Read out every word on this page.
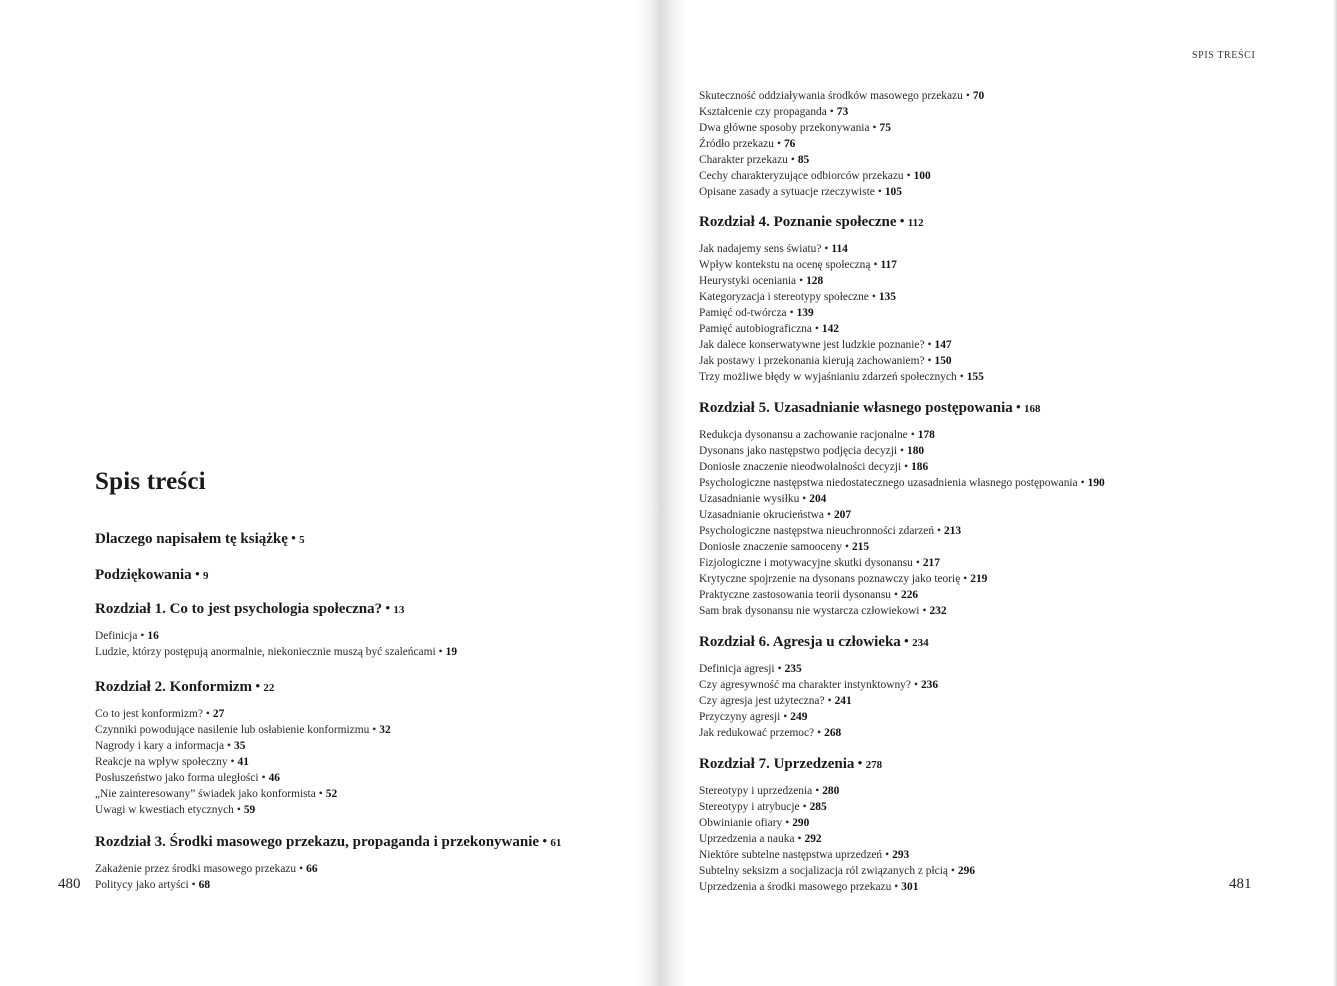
Spis treści
Dlaczego napisałem tę książkę • 5
Podziękowania • 9
Rozdział 1. Co to jest psychologia społeczna? • 13
Definicja • 16
Ludzie, którzy postępują anormalnie, niekoniecznie muszą być szaleńcami • 19
Rozdział 2. Konformizm • 22
Co to jest konformizm? • 27
Czynniki powodujące nasilenie lub osłabienie konformizmu • 32
Nagrody i kary a informacja • 35
Reakcje na wpływ społeczny • 41
Posłuszeństwo jako forma uległości • 46
„Nie zainteresowany” świadek jako konformista • 52
Uwagi w kwestiach etycznych • 59
Rozdział 3. Środki masowego przekazu, propaganda i przekonywanie • 61
Zakażenie przez środki masowego przekazu • 66
Politycy jako artyści • 68
480
SPIS TREŚCI
Skuteczność oddziaływania środków masowego przekazu • 70
Kształcenie czy propaganda • 73
Dwa główne sposoby przekonywania • 75
Źródło przekazu • 76
Charakter przekazu • 85
Cechy charakteryzujące odbiorców przekazu • 100
Opisane zasady a sytuacje rzeczywiste • 105
Rozdział 4. Poznanie społeczne • 112
Jak nadajemy sens światu? • 114
Wpływ kontekstu na ocenę społeczną • 117
Heurystyki oceniania • 128
Kategoryzacja i stereotypy społeczne • 135
Pamięć od-twórcza • 139
Pamięć autobiograficzna • 142
Jak dalece konserwatywne jest ludzkie poznanie? • 147
Jak postawy i przekonania kierują zachowaniem? • 150
Trzy możliwe błędy w wyjaśnianiu zdarzeń społecznych • 155
Rozdział 5. Uzasadnianie własnego postępowania • 168
Redukcja dysonansu a zachowanie racjonalne • 178
Dysonans jako następstwo podjęcia decyzji • 180
Doniosłe znaczenie nieodwołalności decyzji • 186
Psychologiczne następstwa niedostatecznego uzasadnienia własnego postępowania • 190
Uzasadnianie wysiłku • 204
Uzasadnianie okrucieństwa • 207
Psychologiczne następstwa nieuchronności zdarzeń • 213
Doniosłe znaczenie samooceny • 215
Fizjologiczne i motywacyjne skutki dysonansu • 217
Krytyczne spojrzenie na dysonans poznawczy jako teorię • 219
Praktyczne zastosowania teorii dysonansu • 226
Sam brak dysonansu nie wystarcza człowiekowi • 232
Rozdział 6. Agresja u człowieka • 234
Definicja agresji • 235
Czy agresywność ma charakter instynktowny? • 236
Czy agresja jest użyteczna? • 241
Przyczyny agresji • 249
Jak redukować przemoc? • 268
Rozdział 7. Uprzedzenia • 278
Stereotypy i uprzedzenia • 280
Stereotypy i atrybucje • 285
Obwinianie ofiary • 290
Uprzedzenia a nauka • 292
Niektóre subtelne następstwa uprzedzeń • 293
Subtelny seksizm a socjalizacja ról związanych z płcią • 296
Uprzedzenia a środki masowego przekazu • 301	481
